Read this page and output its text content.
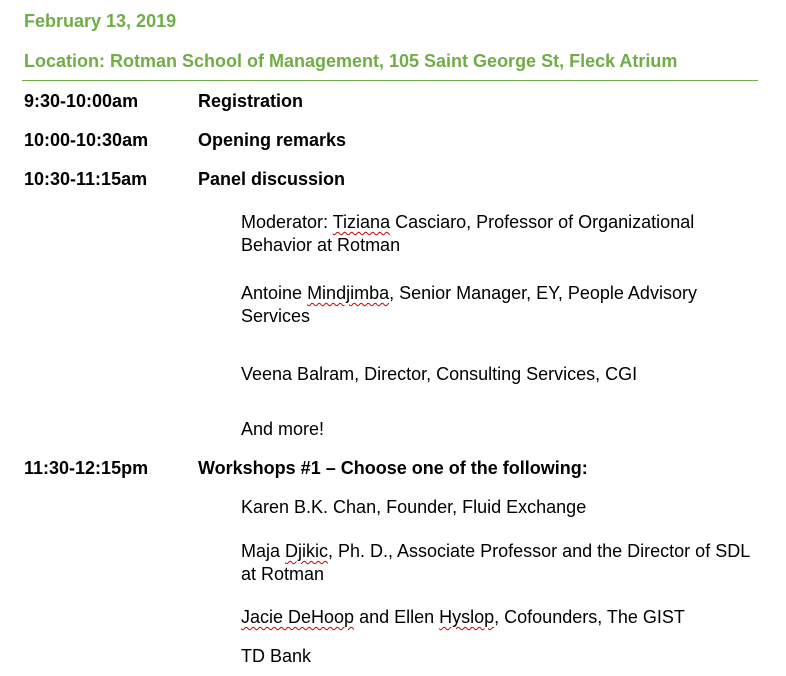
February 13, 2019
Location: Rotman School of Management, 105 Saint George St, Fleck Atrium
9:30-10:00am	Registration
10:00-10:30am	Opening remarks
10:30-11:15am	Panel discussion
Moderator: Tiziana Casciaro, Professor of Organizational Behavior at Rotman
Antoine Mindjimba, Senior Manager, EY, People Advisory Services
Veena Balram, Director, Consulting Services, CGI
And more!
11:30-12:15pm	Workshops #1 – Choose one of the following:
Karen B.K. Chan, Founder, Fluid Exchange
Maja Djikic, Ph. D., Associate Professor and the Director of SDL at Rotman
Jacie DeHoop and Ellen Hyslop, Cofounders, The GIST
TD Bank
